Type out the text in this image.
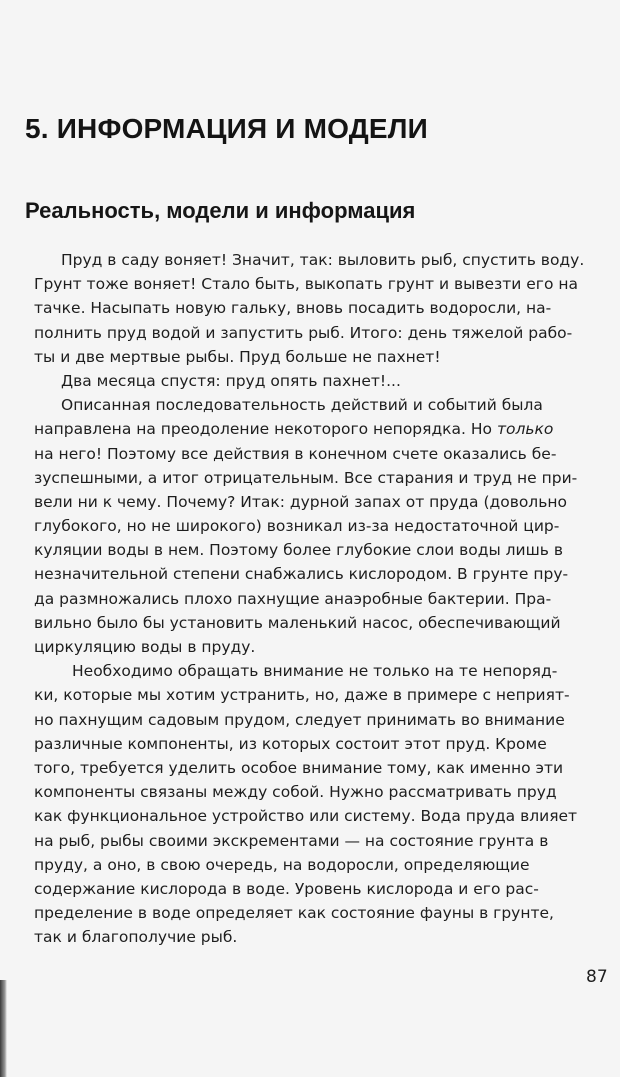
5. ИНФОРМАЦИЯ И МОДЕЛИ
Реальность, модели и информация
Пруд в саду воняет! Значит, так: выловить рыб, спустить воду.
Грунт тоже воняет! Стало быть, выкопать грунт и вывезти его на
тачке. Насыпать новую гальку, вновь посадить водоросли, на-
полнить пруд водой и запустить рыб. Итого: день тяжелой рабо-
ты и две мертвые рыбы. Пруд больше не пахнет!
Два месяца спустя: пруд опять пахнет!...
Описанная последовательность действий и событий была
направлена на преодоление некоторого непорядка. Но только
на него! Поэтому все действия в конечном счете оказались бе-
зуспешными, а итог отрицательным. Все старания и труд не при-
вели ни к чему. Почему? Итак: дурной запах от пруда (довольно
глубокого, но не широкого) возникал из-за недостаточной цир-
куляции воды в нем. Поэтому более глубокие слои воды лишь в
незначительной степени снабжались кислородом. В грунте пру-
да размножались плохо пахнущие анаэробные бактерии. Пра-
вильно было бы установить маленький насос, обеспечивающий
циркуляцию воды в пруду.
Необходимо обращать внимание не только на те непоряд-
ки, которые мы хотим устранить, но, даже в примере с неприят-
но пахнущим садовым прудом, следует принимать во внимание
различные компоненты, из которых состоит этот пруд. Кроме
того, требуется уделить особое внимание тому, как именно эти
компоненты связаны между собой. Нужно рассматривать пруд
как функциональное устройство или систему. Вода пруда влияет
на рыб, рыбы своими экскрементами — на состояние грунта в
пруду, а оно, в свою очередь, на водоросли, определяющие
содержание кислорода в воде. Уровень кислорода и его рас-
пределение в воде определяет как состояние фауны в грунте,
так и благополучие рыб.
87
